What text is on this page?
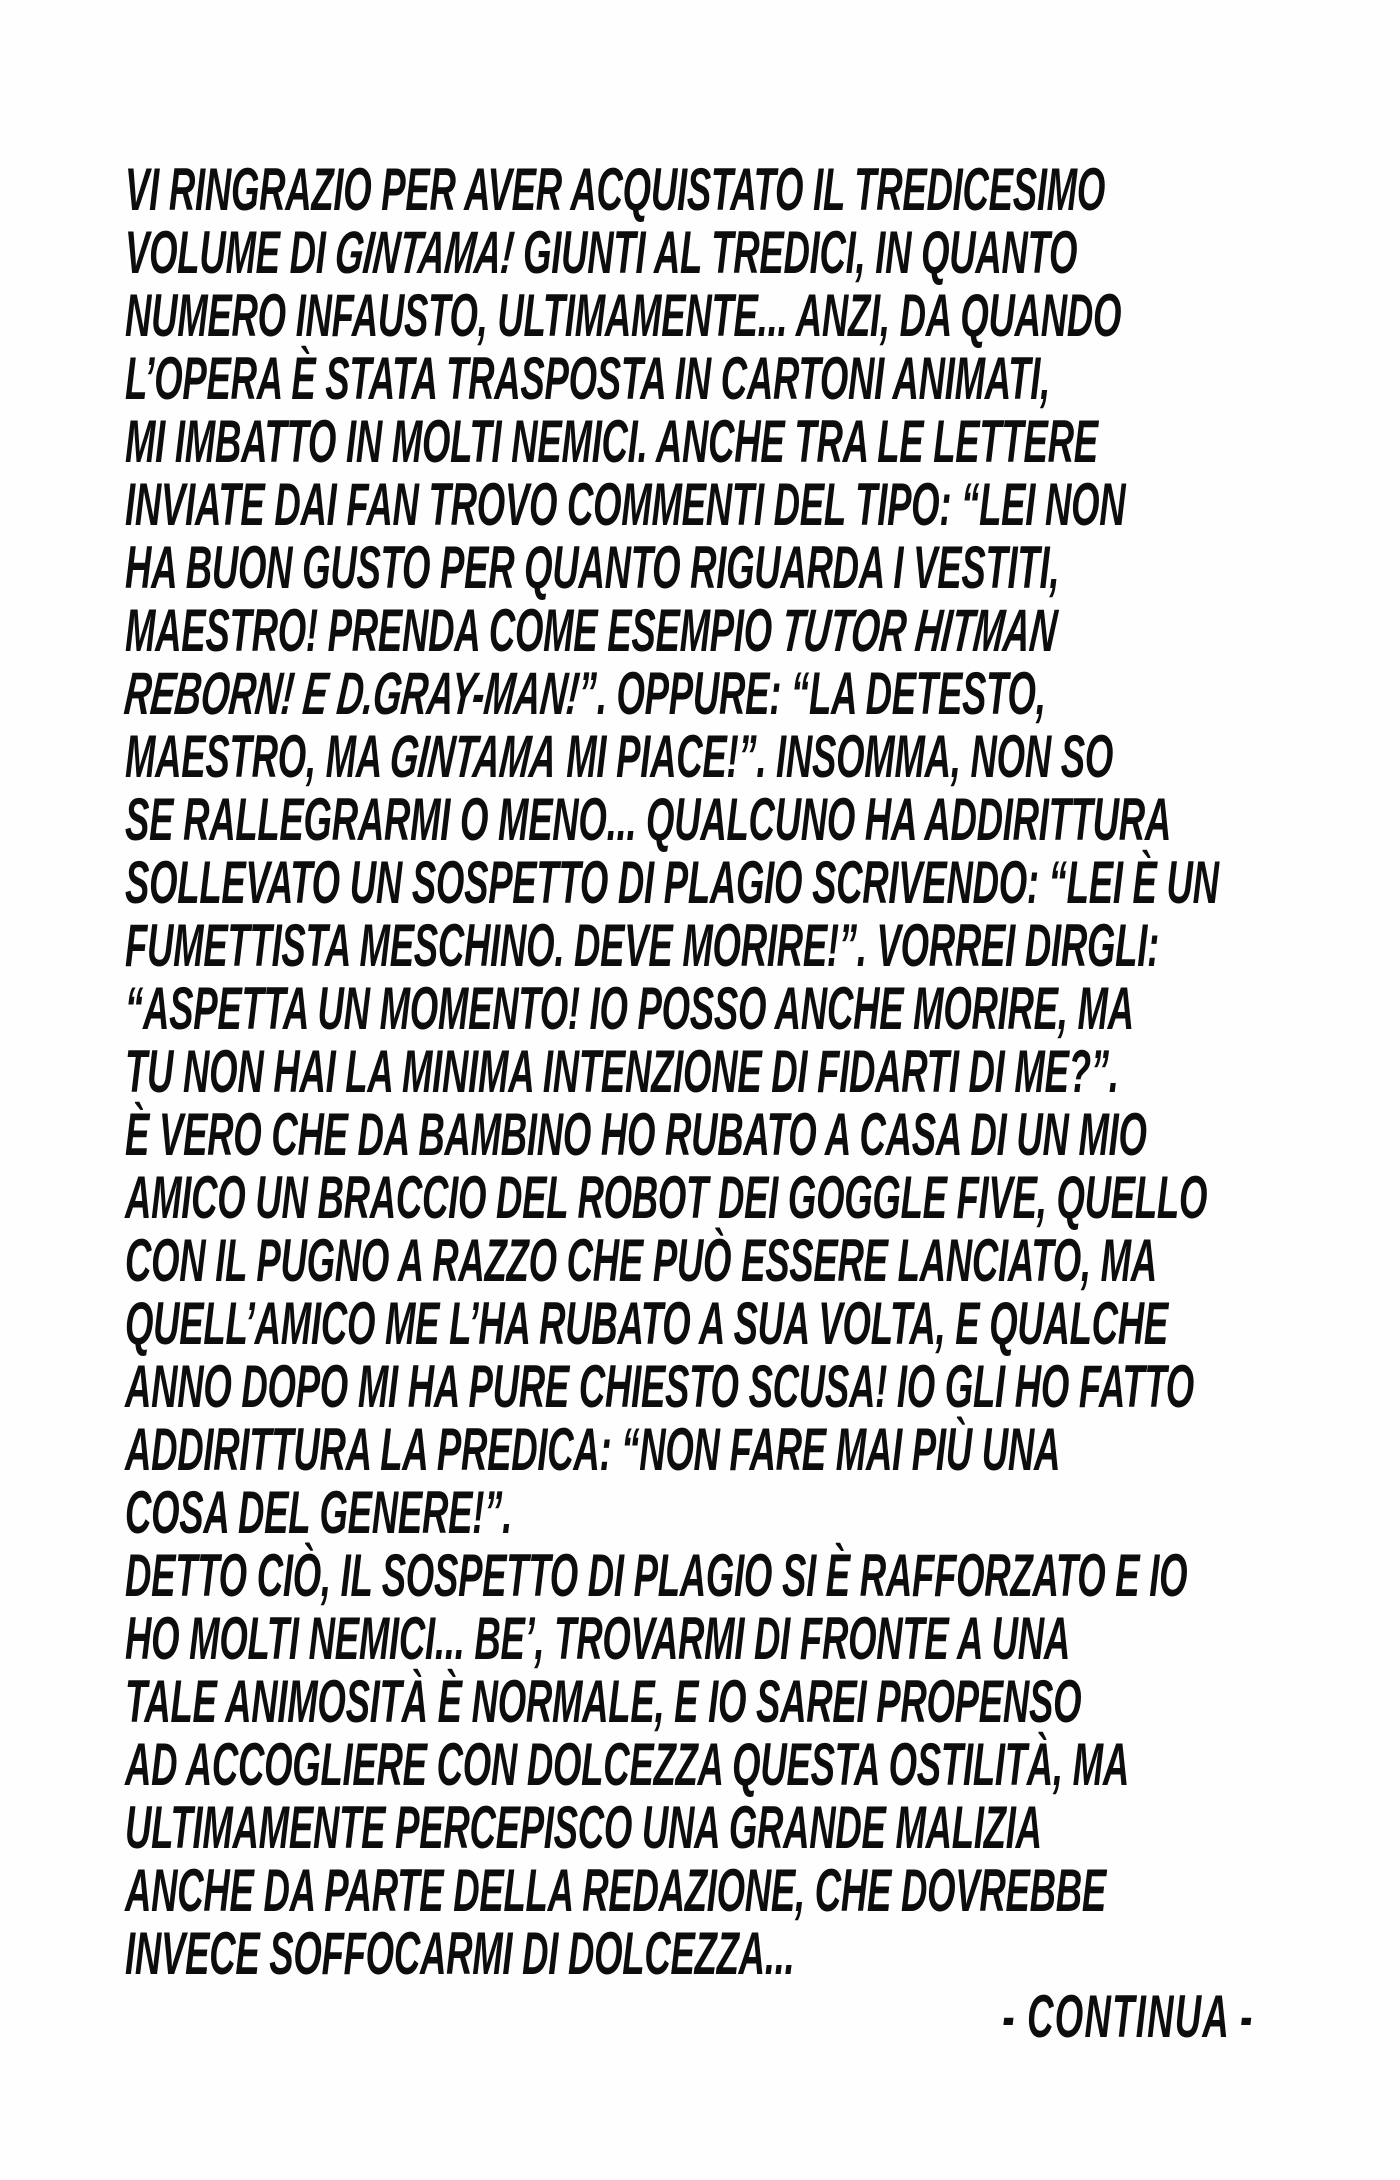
VI RINGRAZIO PER AVER ACQUISTATO IL TREDICESIMO
VOLUME DI GINTAMA! GIUNTI AL TREDICI, IN QUANTO
NUMERO INFAUSTO, ULTIMAMENTE... ANZI, DA QUANDO
L’OPERA È STATA TRASPOSTA IN CARTONI ANIMATI,
MI IMBATTO IN MOLTI NEMICI. ANCHE TRA LE LETTERE
INVIATE DAI FAN TROVO COMMENTI DEL TIPO: “LEI NON
HA BUON GUSTO PER QUANTO RIGUARDA I VESTITI,
MAESTRO! PRENDA COME ESEMPIO TUTOR HITMAN
REBORN! E D.GRAY-MAN!”. OPPURE: “LA DETESTO,
MAESTRO, MA GINTAMA MI PIACE!”. INSOMMA, NON SO
SE RALLEGRARMI O MENO... QUALCUNO HA ADDIRITTURA
SOLLEVATO UN SOSPETTO DI PLAGIO SCRIVENDO: “LEI È UN
FUMETTISTA MESCHINO. DEVE MORIRE!”. VORREI DIRGLI:
“ASPETTA UN MOMENTO! IO POSSO ANCHE MORIRE, MA
TU NON HAI LA MINIMA INTENZIONE DI FIDARTI DI ME?”.
È VERO CHE DA BAMBINO HO RUBATO A CASA DI UN MIO
AMICO UN BRACCIO DEL ROBOT DEI GOGGLE FIVE, QUELLO
CON IL PUGNO A RAZZO CHE PUÒ ESSERE LANCIATO, MA
QUELL’AMICO ME L’HA RUBATO A SUA VOLTA, E QUALCHE
ANNO DOPO MI HA PURE CHIESTO SCUSA! IO GLI HO FATTO
ADDIRITTURA LA PREDICA: “NON FARE MAI PIÙ UNA
COSA DEL GENERE!”.
DETTO CIÒ, IL SOSPETTO DI PLAGIO SI È RAFFORZATO E IO
HO MOLTI NEMICI... BE’, TROVARMI DI FRONTE A UNA
TALE ANIMOSITÀ È NORMALE, E IO SAREI PROPENSO
AD ACCOGLIERE CON DOLCEZZA QUESTA OSTILITÀ, MA
ULTIMAMENTE PERCEPISCO UNA GRANDE MALIZIA
ANCHE DA PARTE DELLA REDAZIONE, CHE DOVREBBE
INVECE SOFFOCARMI DI DOLCEZZA...
- CONTINUA -
